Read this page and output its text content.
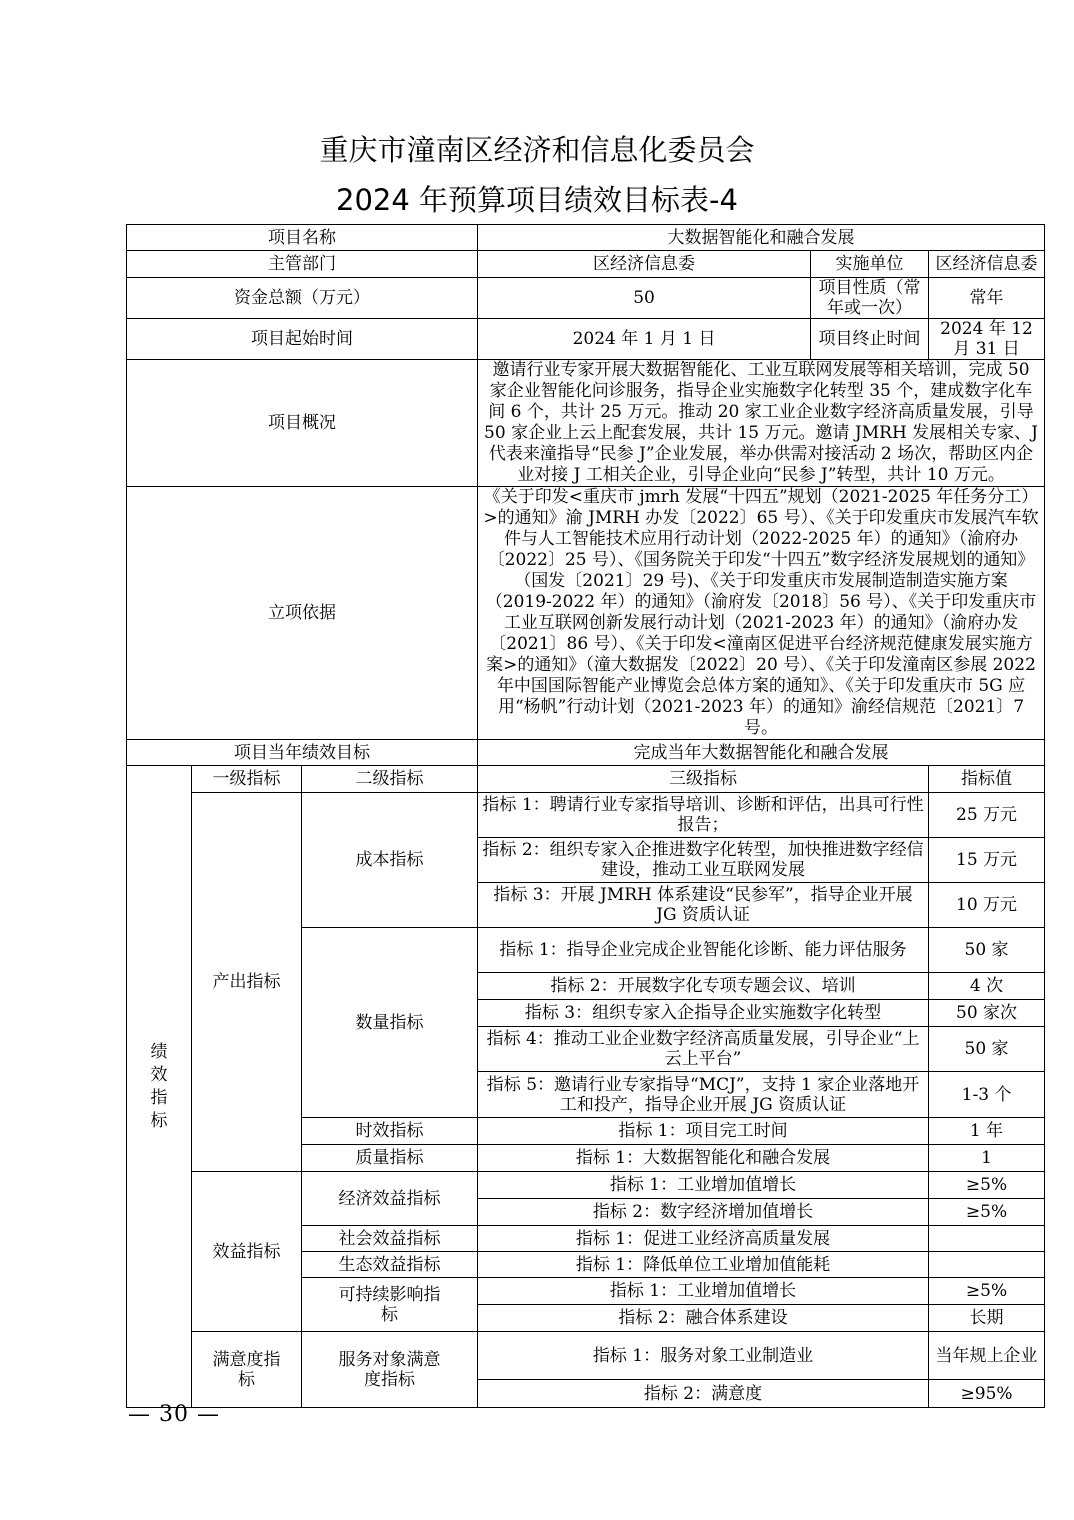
重庆市潼南区经济和信息化委员会
2024 年预算项目绩效目标表-4
项目名称			大数据智能化和融合发展		
主管部门			区经济信息委	实施单位	区经济信息委
资金总额（万元）			50	项目性质（常年或一次）	常年
项目起始时间			2024 年 1 月 1 日	项目终止时间	2024 年 12 月 31 日
项目概况			邀请行业专家开展大数据智能化、工业互联网发展等相关培训，完成 50 家企业智能化问诊服务，指导企业实施数字化转型 35 个，建成数字化车间 6 个，共计 25 万元。推动 20 家工业企业数字经济高质量发展，引导 50 家企业上云上配套发展，共计 15 万元。邀请 JMRH 发展相关专家、J 代表来潼指导“民参 J”企业发展，举办供需对接活动 2 场次，帮助区内企业对接 J 工相关企业，引导企业向“民参 J”转型，共计 10 万元。		
立项依据			《关于印发<重庆市 jmrh 发展“十四五”规划（2021-2025 年任务分工）>的通知》渝 JMRH 办发〔2022〕65 号）、《关于印发重庆市发展汽车软件与人工智能技术应用行动计划（2022-2025 年）的通知》（渝府办〔2022〕25 号）、《国务院关于印发“十四五”数字经济发展规划的通知》（国发〔2021〕29 号)、《关于印发重庆市发展制造制造实施方案（2019-2022 年）的通知》（渝府发〔2018〕56 号）、《关于印发重庆市工业互联网创新发展行动计划（2021-2023 年）的通知》（渝府办发〔2021〕86 号）、《关于印发<潼南区促进平台经济规范健康发展实施方案>的通知》（潼大数据发〔2022〕20 号）、《关于印发潼南区参展 2022 年中国国际智能产业博览会总体方案的通知》、《关于印发重庆市 5G 应用“杨帆”行动计划（2021-2023 年）的通知》渝经信规范〔2021〕7 号。		
项目当年绩效目标			完成当年大数据智能化和融合发展		
绩效指标	一级指标	二级指标	三级指标		指标值
	产出指标	成本指标	指标 1：聘请行业专家指导培训、诊断和评估，出具可行性报告；		25 万元
			指标 2：组织专家入企推进数字化转型，加快推进数字经信建设，推动工业互联网发展		15 万元
			指标 3：开展 JMRH 体系建设“民参军”，指导企业开展 JG 资质认证		10 万元
		数量指标	指标 1：指导企业完成企业智能化诊断、能力评估服务		50 家
			指标 2：开展数字化专项专题会议、培训		4 次
			指标 3：组织专家入企指导企业实施数字化转型		50 家次
			指标 4：推动工业企业数字经济高质量发展，引导企业“上云上平台”		50 家
			指标 5：邀请行业专家指导“MCJ”，支持 1 家企业落地开工和投产，指导企业开展 JG 资质认证		1-3 个
		时效指标	指标 1：项目完工时间		1 年
		质量指标	指标 1：大数据智能化和融合发展		1
	效益指标	经济效益指标	指标 1：工业增加值增长		≥5%
			指标 2：数字经济增加值增长		≥5%
		社会效益指标	指标 1：促进工业经济高质量发展		
		生态效益指标	指标 1：降低单位工业增加值能耗		

		可持续影响指标	指标 1：工业增加值增长		≥5%
			指标 2：融合体系建设		长期

	满意度指标	服务对象满意度指标	指标 1：服务对象工业制造业		当年规上企业
			指标 2：满意度		≥95%
— 30 —
